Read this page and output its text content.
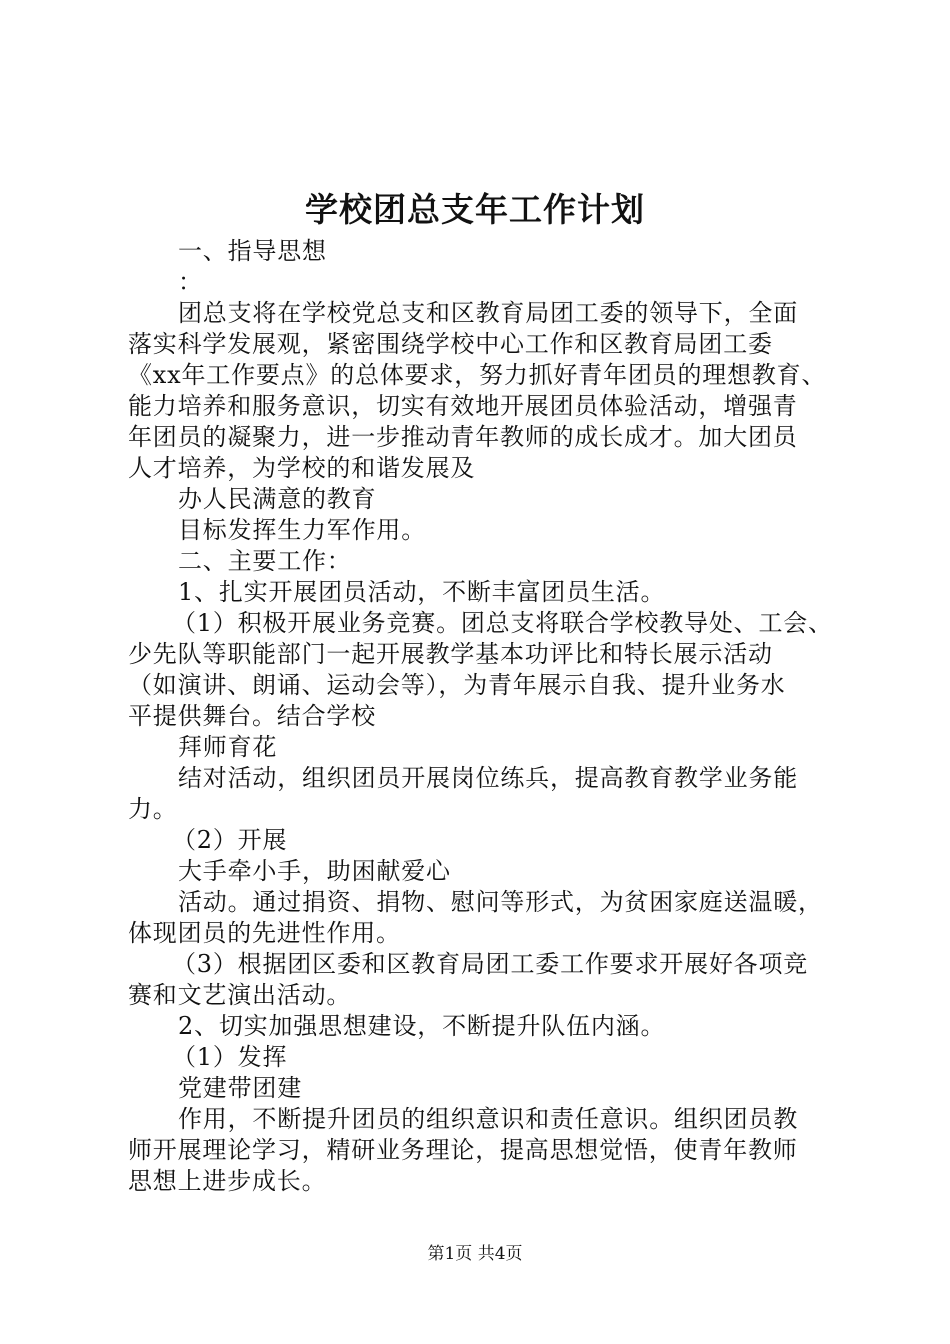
学校团总支年工作计划

一、指导思想

：

团总支将在学校党总支和区教育局团工委的领导下，全面

落实科学发展观，紧密围绕学校中心工作和区教育局团工委

《xx年工作要点》的总体要求，努力抓好青年团员的理想教育、

能力培养和服务意识，切实有效地开展团员体验活动，增强青

年团员的凝聚力，进一步推动青年教师的成长成才。加大团员

人才培养，为学校的和谐发展及

办人民满意的教育

目标发挥生力军作用。

二、主要工作：

1、扎实开展团员活动，不断丰富团员生活。

（1）积极开展业务竞赛。团总支将联合学校教导处、工会、

少先队等职能部门一起开展教学基本功评比和特长展示活动

（如演讲、朗诵、运动会等），为青年展示自我、提升业务水

平提供舞台。结合学校

拜师育花

结对活动，组织团员开展岗位练兵，提高教育教学业务能

力。

（2）开展

大手牵小手，助困献爱心

活动。通过捐资、捐物、慰问等形式，为贫困家庭送温暖，

体现团员的先进性作用。

（3）根据团区委和区教育局团工委工作要求开展好各项竞

赛和文艺演出活动。

2、切实加强思想建设，不断提升队伍内涵。

（1）发挥

党建带团建

作用，不断提升团员的组织意识和责任意识。组织团员教

师开展理论学习，精研业务理论，提高思想觉悟，使青年教师

思想上进步成长。

第1页 共4页
